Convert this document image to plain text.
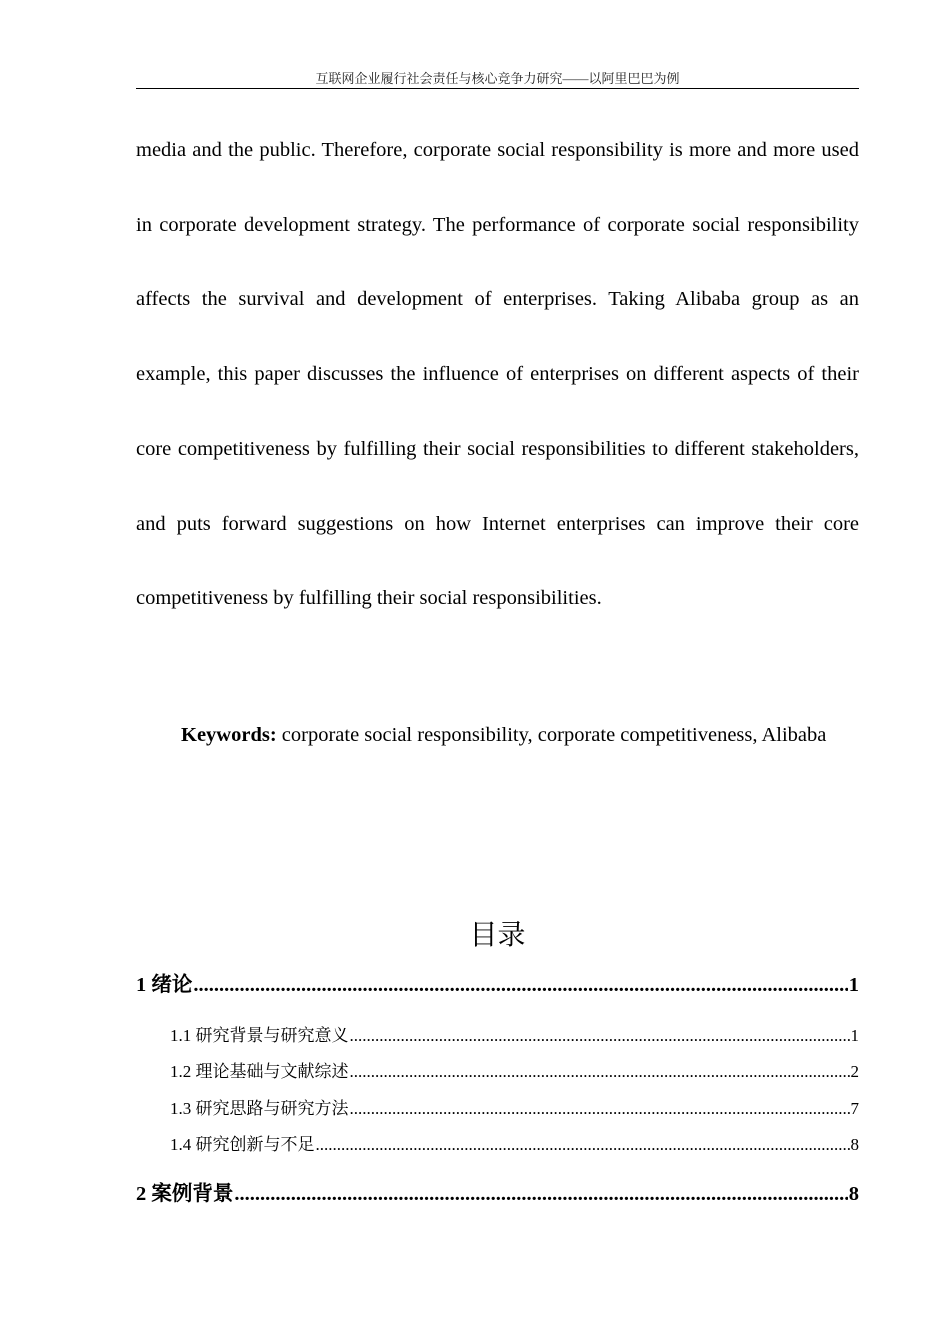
互联网企业履行社会责任与核心竞争力研究——以阿里巴巴为例

media and the public. Therefore, corporate social responsibility is more and more used in corporate development strategy. The performance of corporate social responsibility affects the survival and development of enterprises. Taking Alibaba group as an example, this paper discusses the influence of enterprises on different aspects of their core competitiveness by fulfilling their social responsibilities to different stakeholders, and puts forward suggestions on how Internet enterprises can improve their core competitiveness by fulfilling their social responsibilities.

Keywords: corporate social responsibility, corporate competitiveness, Alibaba

目录
1 绪论 .....	1
1.1 研究背景与研究意义 .....	1
1.2 理论基础与文献综述 .....	2
1.3 研究思路与研究方法 .....	7
1.4 研究创新与不足 .....	8
2 案例背景 .....	8
